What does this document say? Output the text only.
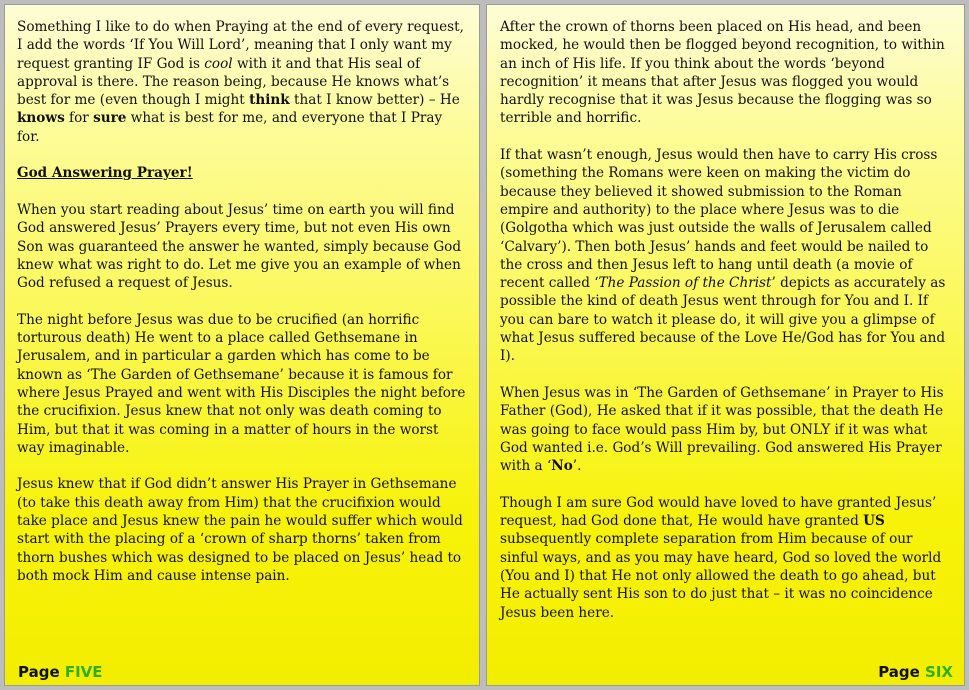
Something I like to do when Praying at the end of every request, I add the words ‘If You Will Lord’, meaning that I only want my request granting IF God is cool with it and that His seal of approval is there. The reason being, because He knows what’s best for me (even though I might think that I know better) – He knows for sure what is best for me, and everyone that I Pray for.

God Answering Prayer!

When you start reading about Jesus’ time on earth you will find God answered Jesus’ Prayers every time, but not even His own Son was guaranteed the answer he wanted, simply because God knew what was right to do. Let me give you an example of when God refused a request of Jesus.

The night before Jesus was due to be crucified (an horrific torturous death) He went to a place called Gethsemane in Jerusalem, and in particular a garden which has come to be known as ‘The Garden of Gethsemane’ because it is famous for where Jesus Prayed and went with His Disciples the night before the crucifixion. Jesus knew that not only was death coming to Him, but that it was coming in a matter of hours in the worst way imaginable.

Jesus knew that if God didn’t answer His Prayer in Gethsemane (to take this death away from Him) that the crucifixion would take place and Jesus knew the pain he would suffer which would start with the placing of a ‘crown of sharp thorns’ taken from thorn bushes which was designed to be placed on Jesus’ head to both mock Him and cause intense pain.

Page FIVE

After the crown of thorns been placed on His head, and been mocked, he would then be flogged beyond recognition, to within an inch of His life. If you think about the words ‘beyond recognition’ it means that after Jesus was flogged you would hardly recognise that it was Jesus because the flogging was so terrible and horrific.

If that wasn’t enough, Jesus would then have to carry His cross (something the Romans were keen on making the victim do because they believed it showed submission to the Roman empire and authority) to the place where Jesus was to die (Golgotha which was just outside the walls of Jerusalem called ‘Calvary’). Then both Jesus’ hands and feet would be nailed to the cross and then Jesus left to hang until death (a movie of recent called ‘The Passion of the Christ’ depicts as accurately as possible the kind of death Jesus went through for You and I. If you can bare to watch it please do, it will give you a glimpse of what Jesus suffered because of the Love He/God has for You and I).

When Jesus was in ‘The Garden of Gethsemane’ in Prayer to His Father (God), He asked that if it was possible, that the death He was going to face would pass Him by, but ONLY if it was what God wanted i.e. God’s Will prevailing. God answered His Prayer with a ‘No’.

Though I am sure God would have loved to have granted Jesus’ request, had God done that, He would have granted US subsequently complete separation from Him because of our sinful ways, and as you may have heard, God so loved the world (You and I) that He not only allowed the death to go ahead, but He actually sent His son to do just that – it was no coincidence Jesus been here.

Page SIX
